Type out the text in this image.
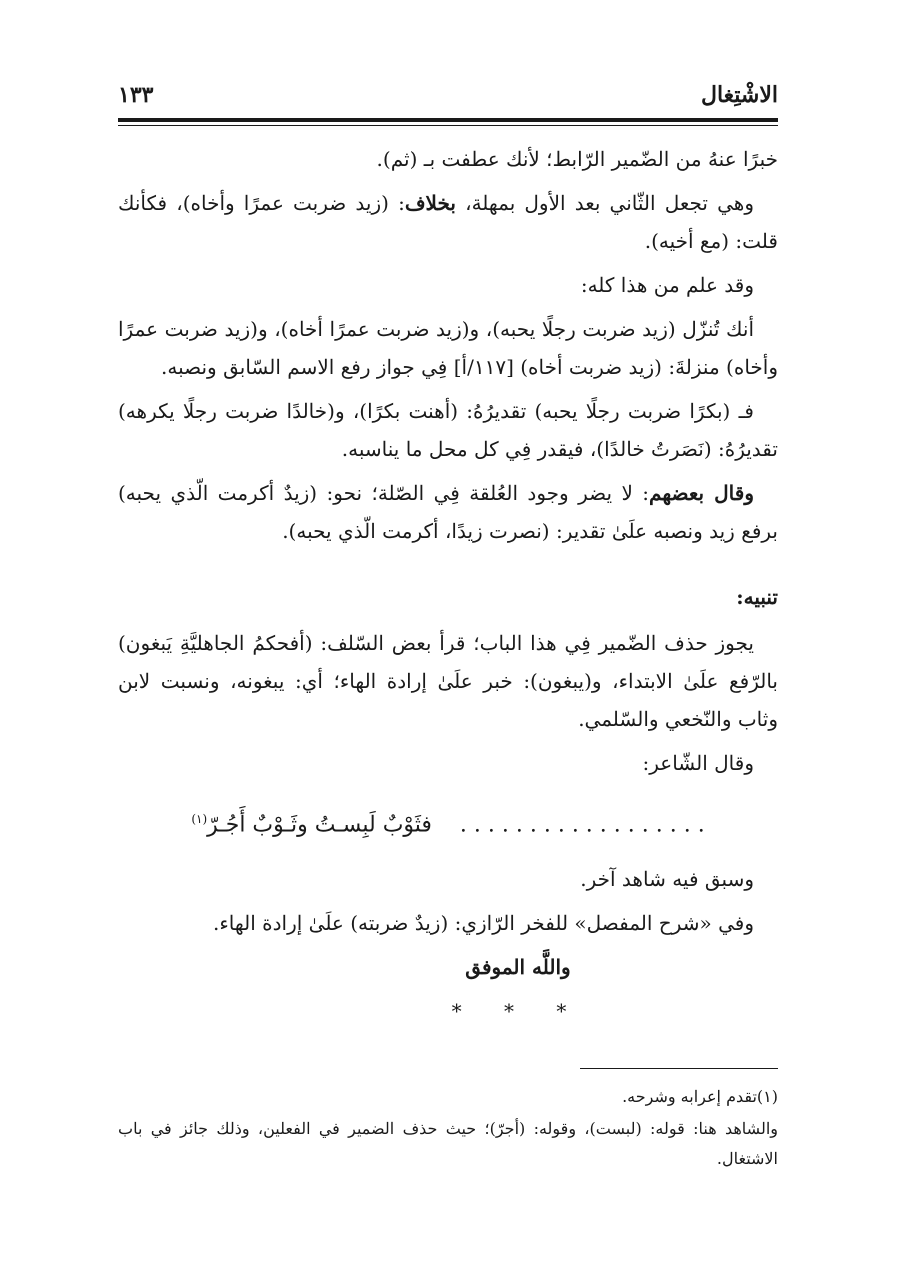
الاشْتِغال
١٣٣

خبرًا عنهُ من الضّمير الرّابط؛ لأنك عطفت بـ (ثم).

وهي تجعل الثّاني بعد الأول بمهلة، بخلاف: (زيد ضربت عمرًا وأخاه)، فكأنك قلت: (مع أخيه).

وقد علم من هذا كله:

أنك تُنزّل (زيد ضربت رجلًا يحبه)، و(زيد ضربت عمرًا أخاه)، و(زيد ضربت عمرًا وأخاه) منزلةَ: (زيد ضربت أخاه) [١١٧/أ] فِي جواز رفع الاسم السّابق ونصبه.

فـ (بكرًا ضربت رجلًا يحبه) تقديرُهُ: (أهنت بكرًا)، و(خالدًا ضربت رجلًا يكرهه) تقديرُهُ: (نَصَرتُ خالدًا)، فيقدر فِي كل محل ما يناسبه.

وقال بعضهم: لا يضر وجود العُلقة فِي الصّلة؛ نحو: (زيدٌ أكرمت الّذي يحبه) برفع زيد ونصبه علَىٰ تقدير: (نصرت زيدًا، أكرمت الّذي يحبه).

تنبيه:

يجوز حذف الضّمير فِي هذا الباب؛ قرأ بعض السّلف: (أفحكمُ الجاهليَّةِ يَبغون) بالرّفع علَىٰ الابتداء، و(يبغون): خبر علَىٰ إرادة الهاء؛ أي: يبغونه، ونسبت لابن وثاب والنّخعي والسّلمي.

وقال الشّاعر:

. . . . . . . . . . . . . . . . . .    فثَوْبٌ لَبِسـتُ وثَـوْبٌ أَجُـرّ$^{(١)}$

وسبق فيه شاهد آخر.

وفي «شرح المفصل» للفخر الرّازي: (زيدٌ ضربته) علَىٰ إرادة الهاء.

واللَّه الموفق

* * *

(١)تقدم إعرابه وشرحه.

والشاهد هنا: قوله: (لبست)، وقوله: (أجرّ)؛ حيث حذف الضمير في الفعلين، وذلك جائز في باب الاشتغال.
